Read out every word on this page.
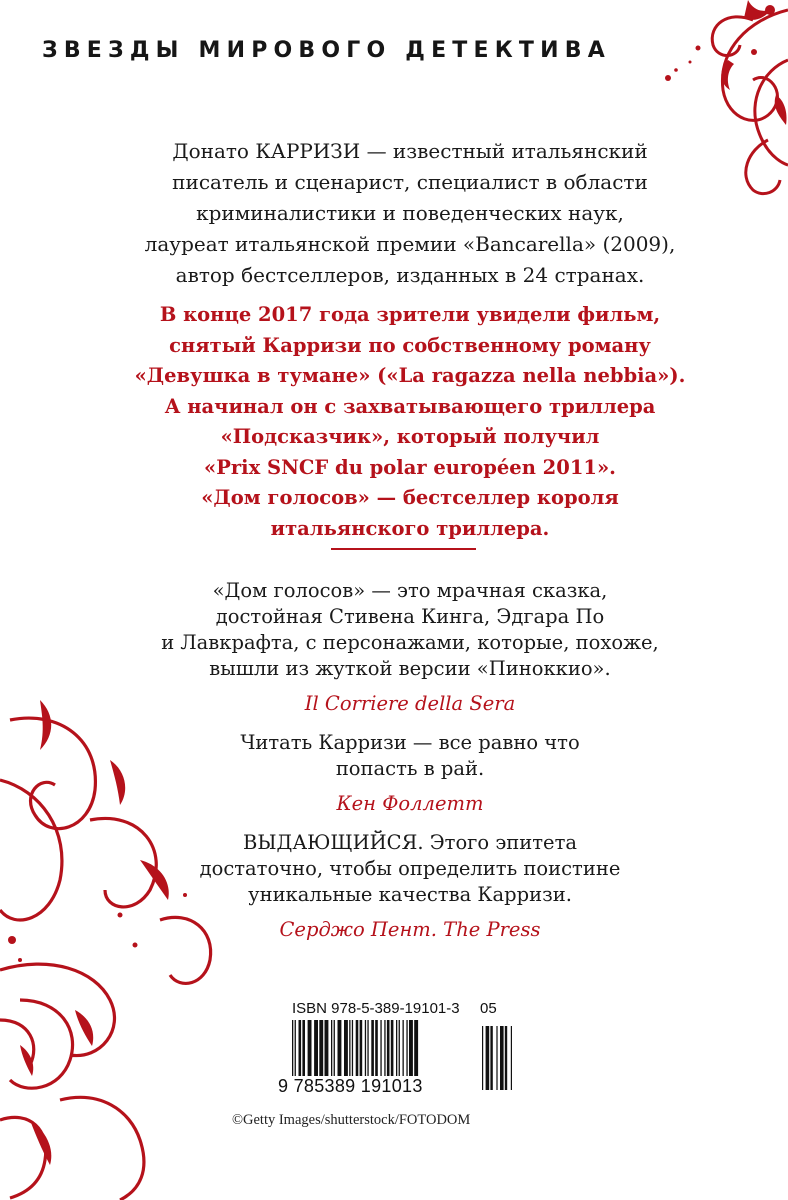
ЗВЕЗДЫ МИРОВОГО ДЕТЕКТИВА
Донато КАРРИЗИ — известный итальянский
писатель и сценарист, специалист в области
криминалистики и поведенческих наук,
лауреат итальянской премии «Bancarella» (2009),
автор бестселлеров, изданных в 24 странах.
В конце 2017 года зрители увидели фильм,
снятый Карризи по собственному роману
«Девушка в тумане» («La ragazza nella nebbia»).
А начинал он с захватывающего триллера
«Подсказчик», который получил
«Prix SNCF du polar européen 2011».
«Дом голосов» — бестселлер короля
итальянского триллера.
«Дом голосов» — это мрачная сказка,
достойная Стивена Кинга, Эдгара По
и Лавкрафта, с персонажами, которые, похоже,
вышли из жуткой версии «Пиноккио».
Il Corriere della Sera
Читать Карризи — все равно что
попасть в рай.
Кен Фоллетт
ВЫДАЮЩИЙСЯ. Этого эпитета
достаточно, чтобы определить поистине
уникальные качества Карризи.
Серджо Пент. The Press
ISBN 978-5-389-19101-3 05
9 785389 191013
©Getty Images/shutterstock/FOTODOM
